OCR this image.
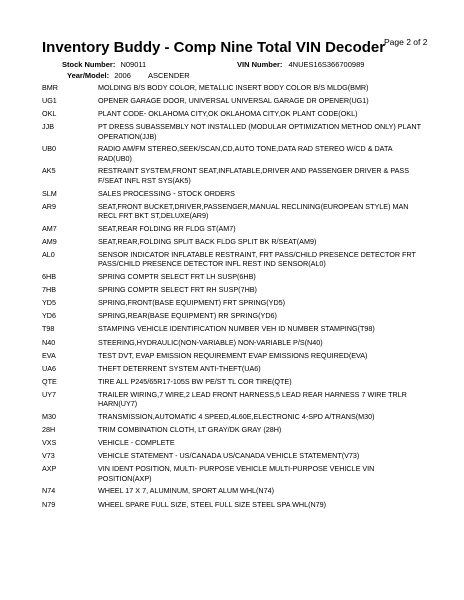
Inventory Buddy - Comp Nine Total VIN Decoder
Page 2 of 2
Stock Number: N09011	VIN Number: 4NUES16S366700989
Year/Model: 2006 ASCENDER
BMR	MOLDING B/S BODY COLOR, METALLIC INSERT BODY COLOR B/S MLDG(BMR)
UG1	OPENER GARAGE DOOR, UNIVERSAL UNIVERSAL GARAGE DR OPENER(UG1)
OKL	PLANT CODE- OKLAHOMA CITY,OK OKLAHOMA CITY,OK PLANT CODE(OKL)
JJB	PT DRESS SUBASSEMBLY NOT INSTALLED (MODULAR OPTIMIZATION METHOD ONLY) PLANT OPERATION(JJB)
UB0	RADIO AM/FM STEREO,SEEK/SCAN,CD,AUTO TONE,DATA RAD STEREO W/CD & DATA RAD(UB0)
AK5	RESTRAINT SYSTEM,FRONT SEAT,INFLATABLE,DRIVER AND PASSENGER DRIVER & PASS F/SEAT INFL RST SYS(AK5)
SLM	SALES PROCESSING - STOCK ORDERS
AR9	SEAT,FRONT BUCKET,DRIVER,PASSENGER,MANUAL RECLINING(EUROPEAN STYLE) MAN RECL FRT BKT ST,DELUXE(AR9)
AM7	SEAT,REAR FOLDING RR FLDG ST(AM7)
AM9	SEAT,REAR,FOLDING SPLIT BACK FLDG SPLIT BK R/SEAT(AM9)
AL0	SENSOR INDICATOR INFLATABLE RESTRAINT, FRT PASS/CHILD PRESENCE DETECTOR FRT PASS/CHILD PRESENCE DETECTOR INFL REST IND SENSOR(AL0)
6HB	SPRING COMPTR SELECT FRT LH SUSP(6HB)
7HB	SPRING COMPTR SELECT FRT RH SUSP(7HB)
YD5	SPRING,FRONT(BASE EQUIPMENT) FRT SPRING(YD5)
YD6	SPRING,REAR(BASE EQUIPMENT) RR SPRING(YD6)
T98	STAMPING VEHICLE IDENTIFICATION NUMBER VEH ID NUMBER STAMPING(T98)
N40	STEERING,HYDRAULIC(NON-VARIABLE) NON-VARIABLE P/S(N40)
EVA	TEST DVT, EVAP EMISSION REQUIREMENT EVAP EMISSIONS REQUIRED(EVA)
UA6	THEFT DETERRENT SYSTEM ANTI-THEFT(UA6)
QTE	TIRE ALL P245/65R17-105S BW PE/ST TL COR TIRE(QTE)
UY7	TRAILER WIRING,7 WIRE,2 LEAD FRONT HARNESS,5 LEAD REAR HARNESS 7 WIRE TRLR HARN(UY7)
M30	TRANSMISSION,AUTOMATIC 4 SPEED,4L60E,ELECTRONIC 4-SPD A/TRANS(M30)
28H	TRIM COMBINATION CLOTH, LT GRAY/DK GRAY (28H)
VXS	VEHICLE - COMPLETE
V73	VEHICLE STATEMENT - US/CANADA US/CANADA VEHICLE STATEMENT(V73)
AXP	VIN IDENT POSITION, MULTI- PURPOSE VEHICLE MULTI-PURPOSE VEHICLE VIN POSITION(AXP)
N74	WHEEL 17 X 7, ALUMINUM, SPORT ALUM WHL(N74)
N79	WHEEL SPARE FULL SIZE, STEEL FULL SIZE STEEL SPA WHL(N79)
